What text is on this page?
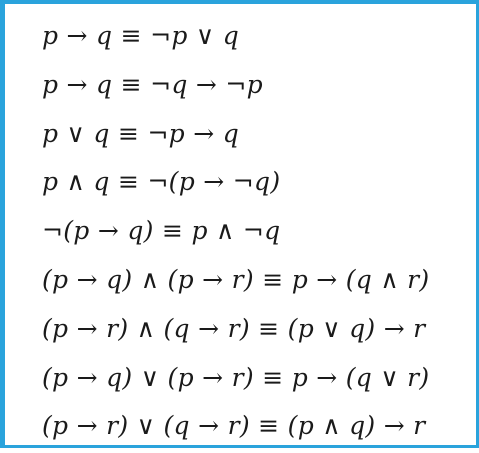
p → q ≡ ¬p ∨ q
p → q ≡ ¬q → ¬p
p ∨ q ≡ ¬p → q
p ∧ q ≡ ¬(p → ¬q)
¬(p → q) ≡ p ∧ ¬q
(p → q) ∧ (p → r) ≡ p → (q ∧ r)
(p → r) ∧ (q → r) ≡ (p ∨ q) → r
(p → q) ∨ (p → r) ≡ p → (q ∨ r)
(p → r) ∨ (q → r) ≡ (p ∧ q) → r
